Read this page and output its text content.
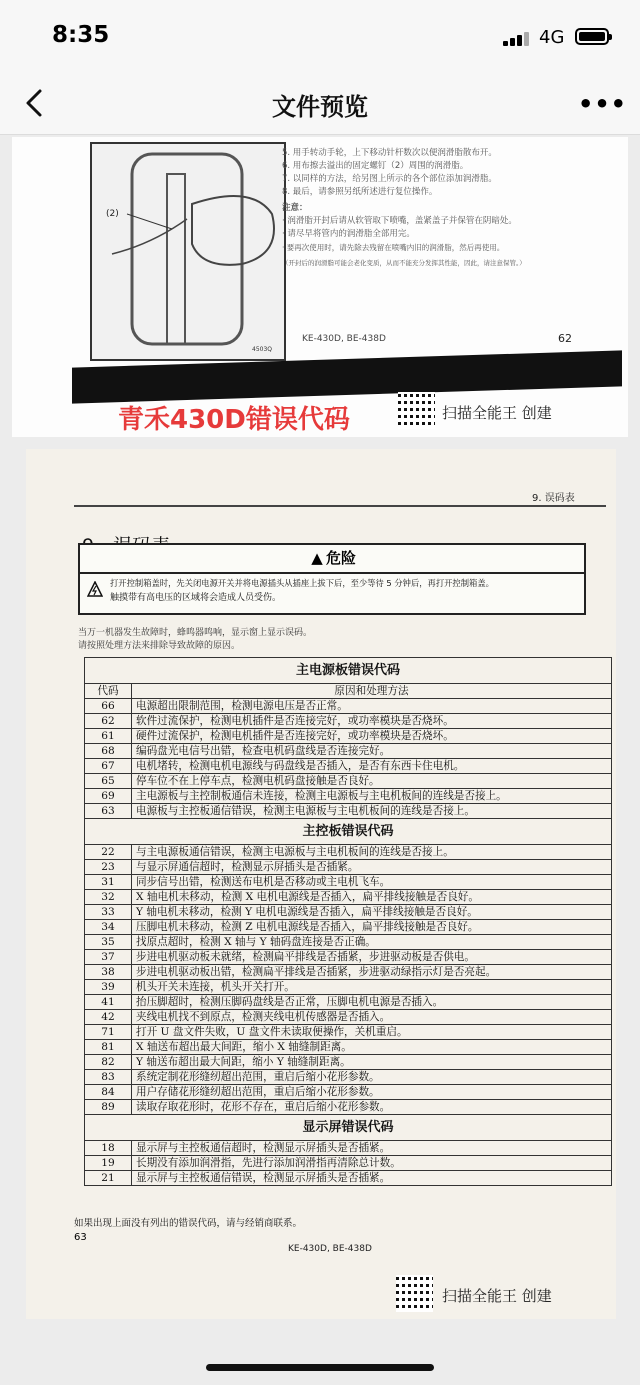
8:35	4G
文件预览	•••
(2)
4503Q
5. 用手转动手轮，上下移动针杆数次以便润滑脂散布开。
6. 用布擦去溢出的固定螺钉（2）周围的润滑脂。
7. 以同样的方法，给另图上所示的各个部位添加润滑脂。
8. 最后，请参照另纸所述进行复位操作。
注意：
· 润滑脂开封后请从软管取下喷嘴，盖紧盖子并保管在阴暗处。
· 请尽早将管内的润滑脂全部用完。
· 要再次使用时，请先除去残留在喷嘴内旧的润滑脂，然后再使用。
（开封后的润滑脂可能会老化变质，从而不能充分发挥其性能，因此，请注意保管。）
KE-430D, BE-438D	62
青禾430D错误代码	扫描全能王 创建
9. 误码表
▲ 危险
打开控制箱盖时，先关闭电源开关并将电源插头从插座上拔下后，至少等待 5 分钟后，再打开控制箱盖。
触摸带有高电压的区域将会造成人员受伤。
当万一机器发生故障时，蜂鸣器鸣响，显示窗上显示误码。
请按照处理方法来排除导致故障的原因。
主电源板错误代码	
代码	原因和处理方法
66	电源超出限制范围，检测电源电压是否正常。
62	软件过流保护，检测电机插件是否连接完好，或功率模块是否烧坏。
61	硬件过流保护，检测电机插件是否连接完好，或功率模块是否烧坏。
68	编码盘光电信号出错，检查电机码盘线是否连接完好。
67	电机堵转，检测电机电源线与码盘线是否插入，是否有东西卡住电机。
65	停车位不在上停车点，检测电机码盘接触是否良好。
69	主电源板与主控制板通信未连接，检测主电源板与主电机板间的连线是否接上。
63	电源板与主控板通信错误，检测主电源板与主电机板间的连线是否接上。
主控板错误代码	
22	与主电源板通信错误，检测主电源板与主电机板间的连线是否接上。
23	与显示屏通信超时，检测显示屏插头是否插紧。
31	同步信号出错，检测送布电机是否移动或主电机飞车。
32	X 轴电机未移动，检测 X 电机电源线是否插入，扁平排线接触是否良好。
33	Y 轴电机未移动，检测 Y 电机电源线是否插入，扁平排线接触是否良好。
34	压脚电机未移动，检测 Z 电机电源线是否插入，扁平排线接触是否良好。
35	找原点超时，检测 X 轴与 Y 轴码盘连接是否正确。
37	步进电机驱动板未就绪，检测扁平排线是否插紧，步进驱动板是否供电。
38	步进电机驱动板出错，检测扁平排线是否插紧，步进驱动绿指示灯是否亮起。
39	机头开关未连接，机头开关打开。
41	抬压脚超时，检测压脚码盘线是否正常，压脚电机电源是否插入。
42	夹线电机找不到原点，检测夹线电机传感器是否插入。
71	打开 U 盘文件失败，U 盘文件未读取便操作，关机重启。
81	X 轴送布超出最大间距，缩小 X 轴缝制距离。
82	Y 轴送布超出最大间距，缩小 Y 轴缝制距离。
83	系统定制花形缝纫超出范围，重启后缩小花形参数。
84	用户存储花形缝纫超出范围，重启后缩小花形参数。
89	读取存取花形时，花形不存在，重启后缩小花形参数。
显示屏错误代码	
18	显示屏与主控板通信超时，检测显示屏插头是否插紧。
19	长期没有添加润滑指，先进行添加润滑指再清除总计数。
21	显示屏与主控板通信错误，检测显示屏插头是否插紧。
如果出现上面没有列出的错误代码，请与经销商联系。
63
KE-430D, BE-438D
扫描全能王 创建
